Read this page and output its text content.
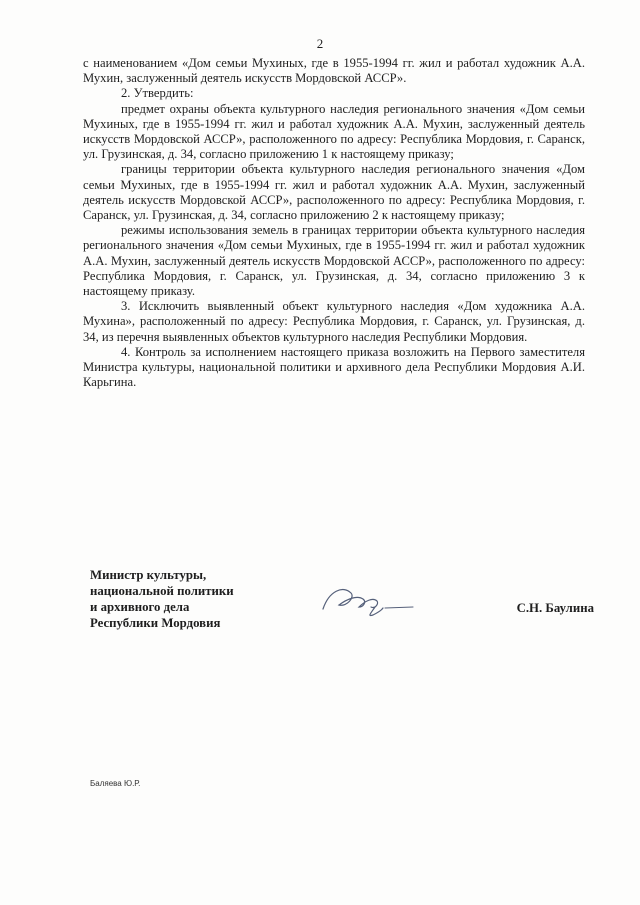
2

с наименованием «Дом семьи Мухиных, где в 1955-1994 гг. жил и работал художник А.А. Мухин, заслуженный деятель искусств Мордовской АССР».

2. Утвердить:

предмет охраны объекта культурного наследия регионального значения «Дом семьи Мухиных, где в 1955-1994 гг. жил и работал художник А.А. Мухин, заслуженный деятель искусств Мордовской АССР», расположенного по адресу: Республика Мордовия, г. Саранск, ул. Грузинская, д. 34, согласно приложению 1 к настоящему приказу;

границы территории объекта культурного наследия регионального значения «Дом семьи Мухиных, где в 1955-1994 гг. жил и работал художник А.А. Мухин, заслуженный деятель искусств Мордовской АССР», расположенного по адресу: Республика Мордовия, г. Саранск, ул. Грузинская, д. 34, согласно приложению 2 к настоящему приказу;

режимы использования земель в границах территории объекта культурного наследия регионального значения «Дом семьи Мухиных, где в 1955-1994 гг. жил и работал художник А.А. Мухин, заслуженный деятель искусств Мордовской АССР», расположенного по адресу: Республика Мордовия, г. Саранск, ул. Грузинская, д. 34, согласно приложению 3 к настоящему приказу.

3. Исключить выявленный объект культурного наследия «Дом художника А.А. Мухина», расположенный по адресу: Республика Мордовия, г. Саранск, ул. Грузинская, д. 34, из перечня выявленных объектов культурного наследия Республики Мордовия.

4. Контроль за исполнением настоящего приказа возложить на Первого заместителя Министра культуры, национальной политики и архивного дела Республики Мордовия А.И. Карьгина.

Министр культуры,
национальной политики
и архивного дела
Республики Мордовия
С.Н. Баулина
Баляева Ю.Р.
